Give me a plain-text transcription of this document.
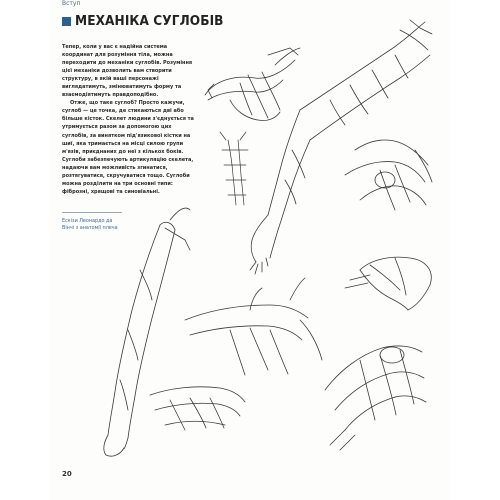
Вступ
МЕХАНІКА СУГЛОБІВ

Тепер, коли у вас є надійна система координат для розуміння тіла, можна переходити до механіки суглобів. Розуміння цієї механіки дозволить вам створити структуру, в якій ваші персонажі виглядатимуть, змінюватимуть форму та взаємодіятимуть правдоподібно.

Отже, що таке суглоб? Просто кажучи, суглоб — це точка, де стикаються дві або більше кісток. Скелет людини з'єднується та утримується разом за допомогою цих суглобів, за винятком під'язикової кістки на шиї, яка тримається на місці силою групи м'язів, приєднаних до неї з кількох боків. Суглоби забезпечують артикуляцію скелета, надаючи вам можливість згинатися, розтягуватися, скручуватися тощо. Суглоби можна розділити на три основні типи: фіброзні, хрящові та синовіальні.

Ескізи Леонардо да Вінчі з анатомії плеча
20
